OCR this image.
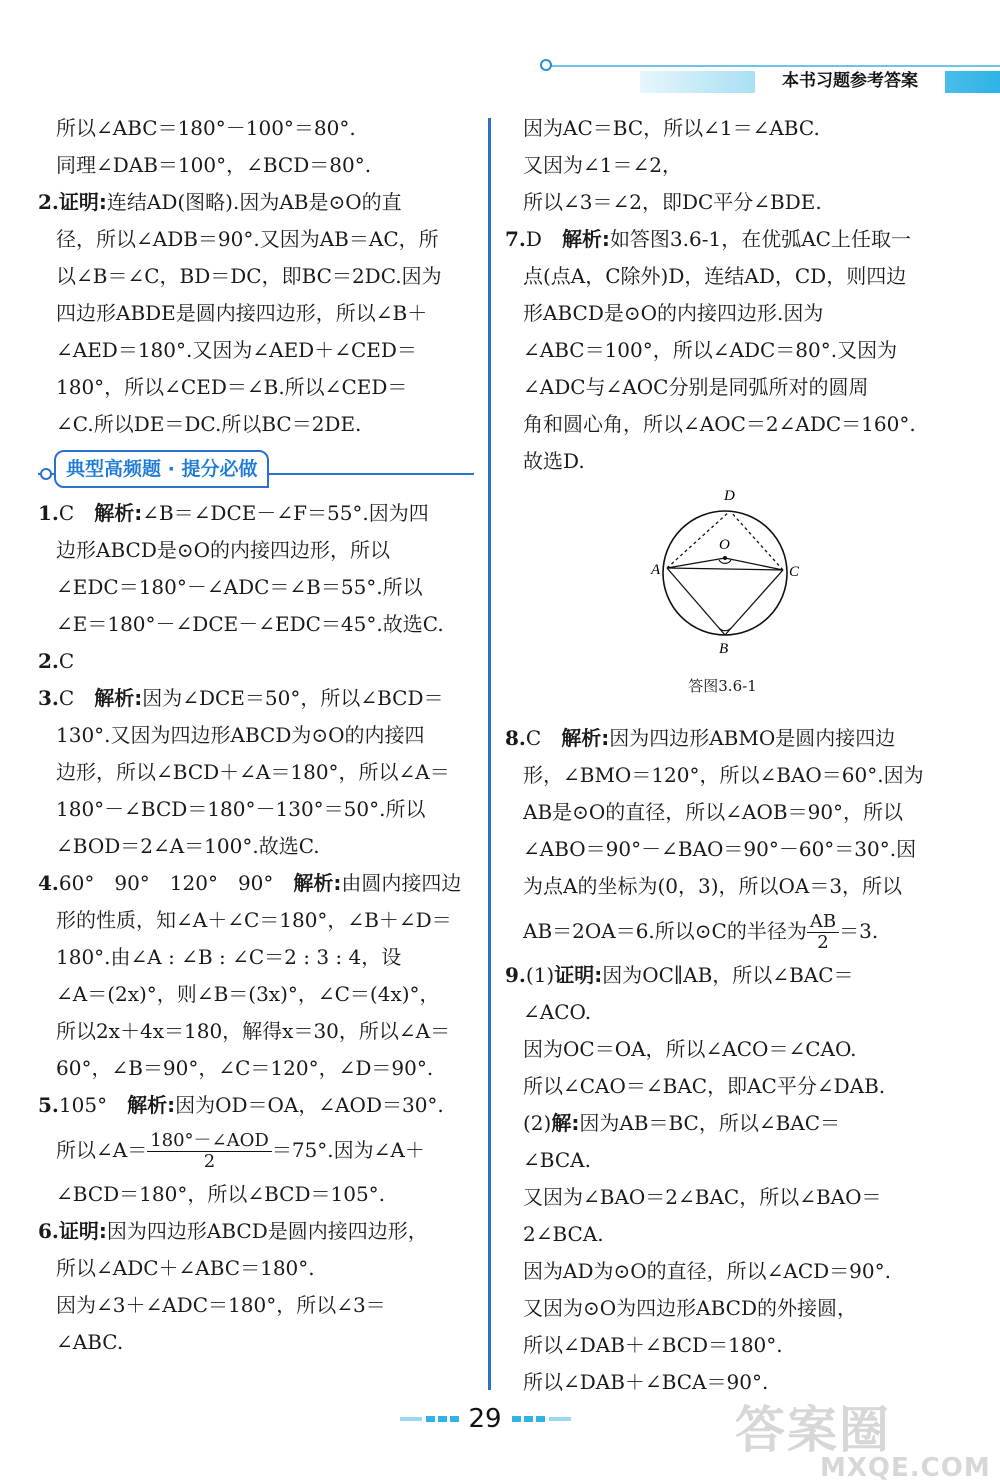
本书习题参考答案
所以∠ABC＝180°－100°＝80°.
同理∠DAB＝100°，∠BCD＝80°.
2.证明:连结AD(图略).因为AB是⊙O的直
径，所以∠ADB＝90°.又因为AB＝AC，所
以∠B＝∠C，BD＝DC，即BC＝2DC.因为
四边形ABDE是圆内接四边形，所以∠B＋
∠AED＝180°.又因为∠AED＋∠CED＝
180°，所以∠CED＝∠B.所以∠CED＝
∠C.所以DE＝DC.所以BC＝2DE.
典型高频题 · 提分必做
1.C　 解析:∠B＝∠DCE－∠F＝55°.因为四
边形ABCD是⊙O的内接四边形，所以
∠EDC＝180°－∠ADC＝∠B＝55°.所以
∠E＝180°－∠DCE－∠EDC＝45°.故选C.
2.C
3.C　 解析:因为∠DCE＝50°，所以∠BCD＝
130°.又因为四边形ABCD为⊙O的内接四
边形，所以∠BCD＋∠A＝180°，所以∠A＝
180°－∠BCD＝180°－130°＝50°.所以
∠BOD＝2∠A＝100°.故选C.
4.60°　90°　120°　90°　 解析:由圆内接四边
形的性质，知∠A＋∠C＝180°，∠B＋∠D＝
180°.由∠A : ∠B : ∠C＝2 : 3 : 4，设
∠A＝(2x)°，则∠B＝(3x)°，∠C＝(4x)°，
所以2x＋4x＝180，解得x＝30，所以∠A＝
60°，∠B＝90°，∠C＝120°，∠D＝90°.
5.105°　 解析:因为OD＝OA，∠AOD＝30°.
所以∠A＝ $\frac{\text{180°－∠AOD}}{2} =75^\circ$.因为∠A＋
∠BCD＝180°，所以∠BCD＝105°.
6.证明:因为四边形ABCD是圆内接四边形，
所以∠ADC＋∠ABC＝180°.
因为∠3＋∠ADC＝180°，所以∠3＝
∠ABC.
因为AC＝BC，所以∠1＝∠ABC.
又因为∠1＝∠2，
所以∠3＝∠2，即DC平分∠BDE.
7.D　 解析:如答图3.6-1，在优弧AC上任取一
点(点A，C除外)D，连结AD，CD，则四边
形ABCD是⊙O的内接四边形.因为
∠ABC＝100°，所以∠ADC＝80°.又因为
∠ADC与∠AOC分别是同弧所对的圆周
角和圆心角，所以∠AOC＝2∠ADC＝160°.
故选D.
D
O
A	C
B
答图3.6-1
8.C　 解析:因为四边形ABMO是圆内接四边
形，∠BMO＝120°，所以∠BAO＝60°.因为
AB是⊙O的直径，所以∠AOB＝90°，所以
∠ABO＝90°－∠BAO＝90°－60°＝30°.因
为点A的坐标为(0，3)，所以OA＝3，所以
AB＝2OA＝6.所以⊙C的半径为 $\frac{AB}{2} =3$.
9.(1)证明:因为OC∥AB，所以∠BAC＝
∠ACO.
因为OC＝OA，所以∠ACO＝∠CAO.
所以∠CAO＝∠BAC，即AC平分∠DAB.
(2)解:因为AB＝BC，所以∠BAC＝
∠BCA.
又因为∠BAO＝2∠BAC，所以∠BAO＝
2∠BCA.
因为AD为⊙O的直径，所以∠ACD＝90°.
又因为⊙O为四边形ABCD的外接圆，
所以∠DAB＋∠BCD＝180°.
所以∠DAB＋∠BCA＝90°.
29	答案圈
MXQE.COM
